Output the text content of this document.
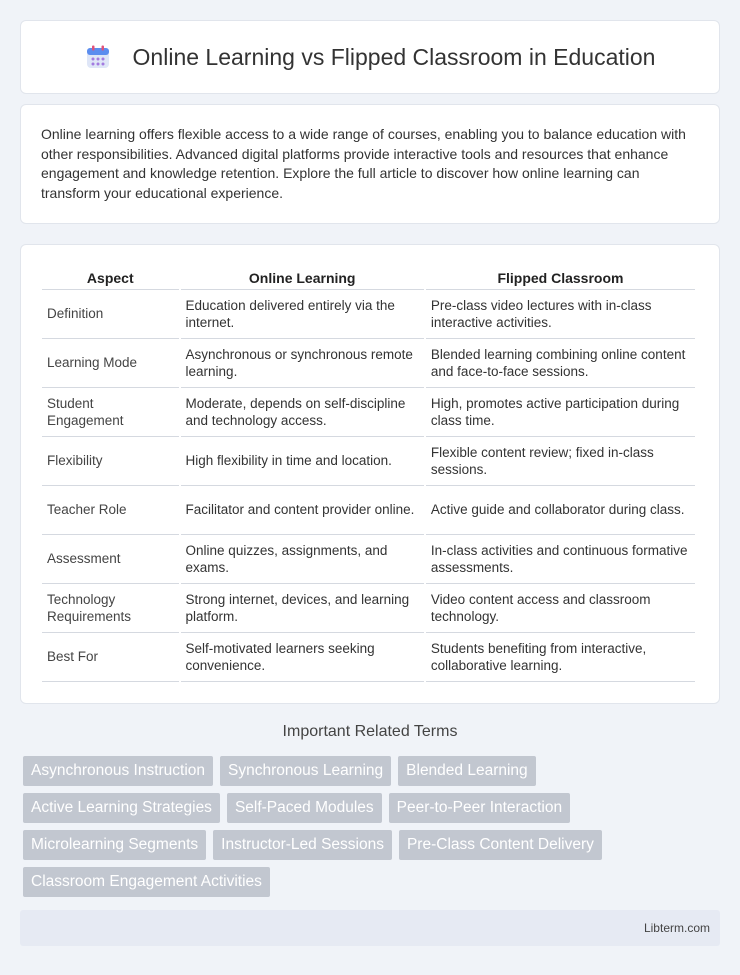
Online Learning vs Flipped Classroom in Education

Online learning offers flexible access to a wide range of courses, enabling you to balance education with other responsibilities. Advanced digital platforms provide interactive tools and resources that enhance engagement and knowledge retention. Explore the full article to discover how online learning can transform your educational experience.

Aspect	Online Learning	Flipped Classroom
Definition	Education delivered entirely via the internet.	Pre-class video lectures with in-class interactive activities.
Learning Mode	Asynchronous or synchronous remote learning.	Blended learning combining online content and face-to-face sessions.
Student Engagement	Moderate, depends on self-discipline and technology access.	High, promotes active participation during class time.
Flexibility	High flexibility in time and location.	Flexible content review; fixed in-class sessions.
Teacher Role	Facilitator and content provider online.	Active guide and collaborator during class.
Assessment	Online quizzes, assignments, and exams.	In-class activities and continuous formative assessments.
Technology Requirements	Strong internet, devices, and learning platform.	Video content access and classroom technology.
Best For	Self-motivated learners seeking convenience.	Students benefiting from interactive, collaborative learning.
Important Related Terms
Asynchronous Instruction	Synchronous Learning	Blended Learning
Active Learning Strategies	Self-Paced Modules	Peer-to-Peer Interaction
Microlearning Segments	Instructor-Led Sessions	Pre-Class Content Delivery
Classroom Engagement Activities
Libterm.com
